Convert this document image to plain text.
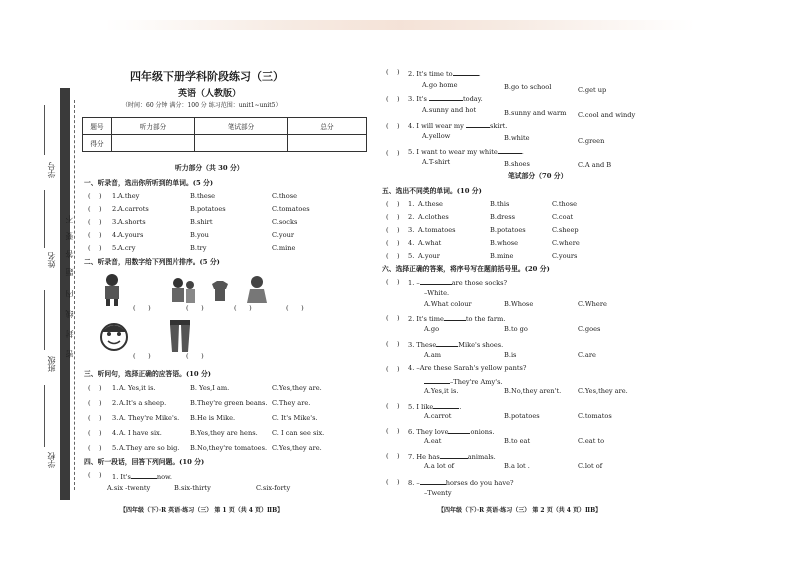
学号
姓名
班级
学校
不
要
答
题
内
线
封
密
四年级下册学科阶段练习（三）
英语（人教版）
（时间：60 分钟 满分：100 分 练习范围：unit1~unit5）
题号	听力部分	笔试部分	总分
得分			
听力部分（共 30 分）
一、听录音，选出你所听到的单词。(5 分)
(    ) 1. A.they	B.these	C.those
(    ) 2. A.carrots	B.potatoes	C.tomatoes
(    ) 3. A.shorts	B.shirt	C.socks
(    ) 4. A.yours	B.you	C.your
(    ) 5. A.cry	B.try	C.mine
二、听录音，用数字给下列图片排序。(5 分)
(      )	(      )	(      )	(      )
(      )	(      )
三、听问句，选择正确的应答语。(10 分)
(    ) 1. A. Yes,it is.	B. Yes,I am.	C.Yes,they are.
(    ) 2. A.It's a sheep.	B.They're green beans. C.They are.
(    ) 3. A. They're Mike's. B.He is Mike.	C. It's Mike's.
(    ) 4. A. I have six.	B.Yes,they are hens. C. I can see six.
(    ) 5. A.They are so big. B.No,they're tomatoes. C.Yes,they are.
四、听一段话，回答下列问题。(10 分)
(    ) 1. It's	now.
A.six -twenty	B.six-thirty	C.six-forty
【四年级（下）·R 英语·练习（三） 第 1 页（共 4 页）ⅡB】
(    ) 2. It's time to	.
A.go home	B.go to school	C.get up
(    ) 3. It's	today.
A.sunny and hot	B.sunny and warm C.cool and windy
(    ) 4. I will wear my	skirt.
A.yellow	B.white	C.green
(    ) 5. I want to wear my white	.
A.T-shirt	B.shoes	C.A and B
笔试部分（70 分）
五、选出不同类的单词。(10 分)
(    ) 1. A.these	B.this	C.those
(    ) 2. A.clothes	B.dress	C.coat
(    ) 3. A.tomatoes	B.potatoes	C.sheep
(    ) 4. A.what	B.whose	C.where
(    ) 5. A.your	B.mine	C.yours
六、选择正确的答案，将序号写在题前括号里。(20 分)
(    ) 1. –	are those socks?
–White.
A.What colour	B.Whose	C.Where
(    ) 2. It's time	to the farm.
A.go	B.to go	C.goes
(    ) 3. These	Mike's shoes.
A.am	B.is	C.are
(    ) 4. –Are these Sarah's yellow pants?
–They're Amy's.
A.Yes,it is.	B.No,they aren't.	C.Yes,they are.
(    ) 5. I like	.
A.carrot	B.potatoes	C.tomatos
(    ) 6. They love	onions.
A.eat	B.to eat	C.eat to
(    ) 7. He has	animals.
A.a lot of	B.a lot .	C.lot of
(    ) 8. –	horses do you have?
–Twenty
【四年级（下）·R 英语·练习（三） 第 2 页（共 4 页）ⅡB】
